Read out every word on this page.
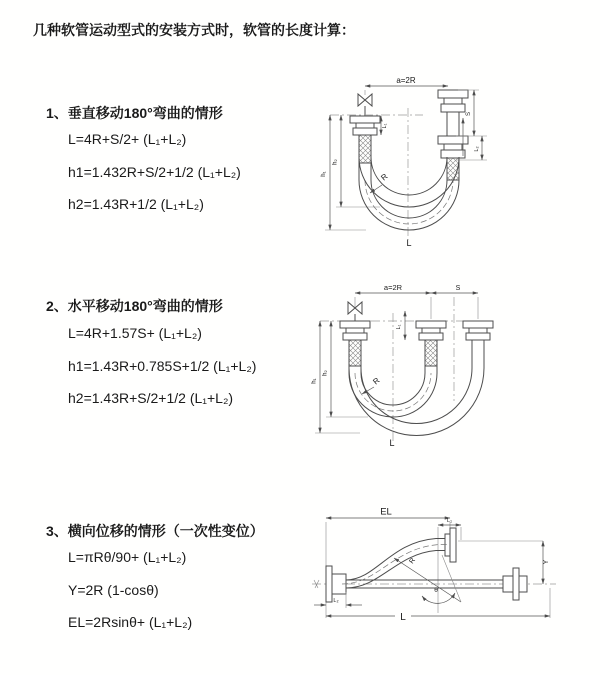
几种软管运动型式的安装方式时，软管的长度计算：
1、垂直移动180°弯曲的情形
L=4R+S/2+ (L₁+L₂)
h1=1.432R+S/2+1/2 (L₁+L₂)
h2=1.43R+1/2 (L₁+L₂)
2、水平移动180°弯曲的情形
L=4R+1.57S+ (L₁+L₂)
h1=1.43R+0.785S+1/2 (L₁+L₂)
h2=1.43R+S/2+1/2 (L₁+L₂)
3、横向位移的情形（一次性变位）
L=πRθ/90+ (L₁+L₂)
Y=2R (1-cosθ)
EL=2Rsinθ+ (L₁+L₂)
a=2R
L₁
S
L₂
h₁
h₂
R
L
a=2R	S
L₁
h₁
h₂
R
L
EL
L₁
Y
R
θ
L
L₂
